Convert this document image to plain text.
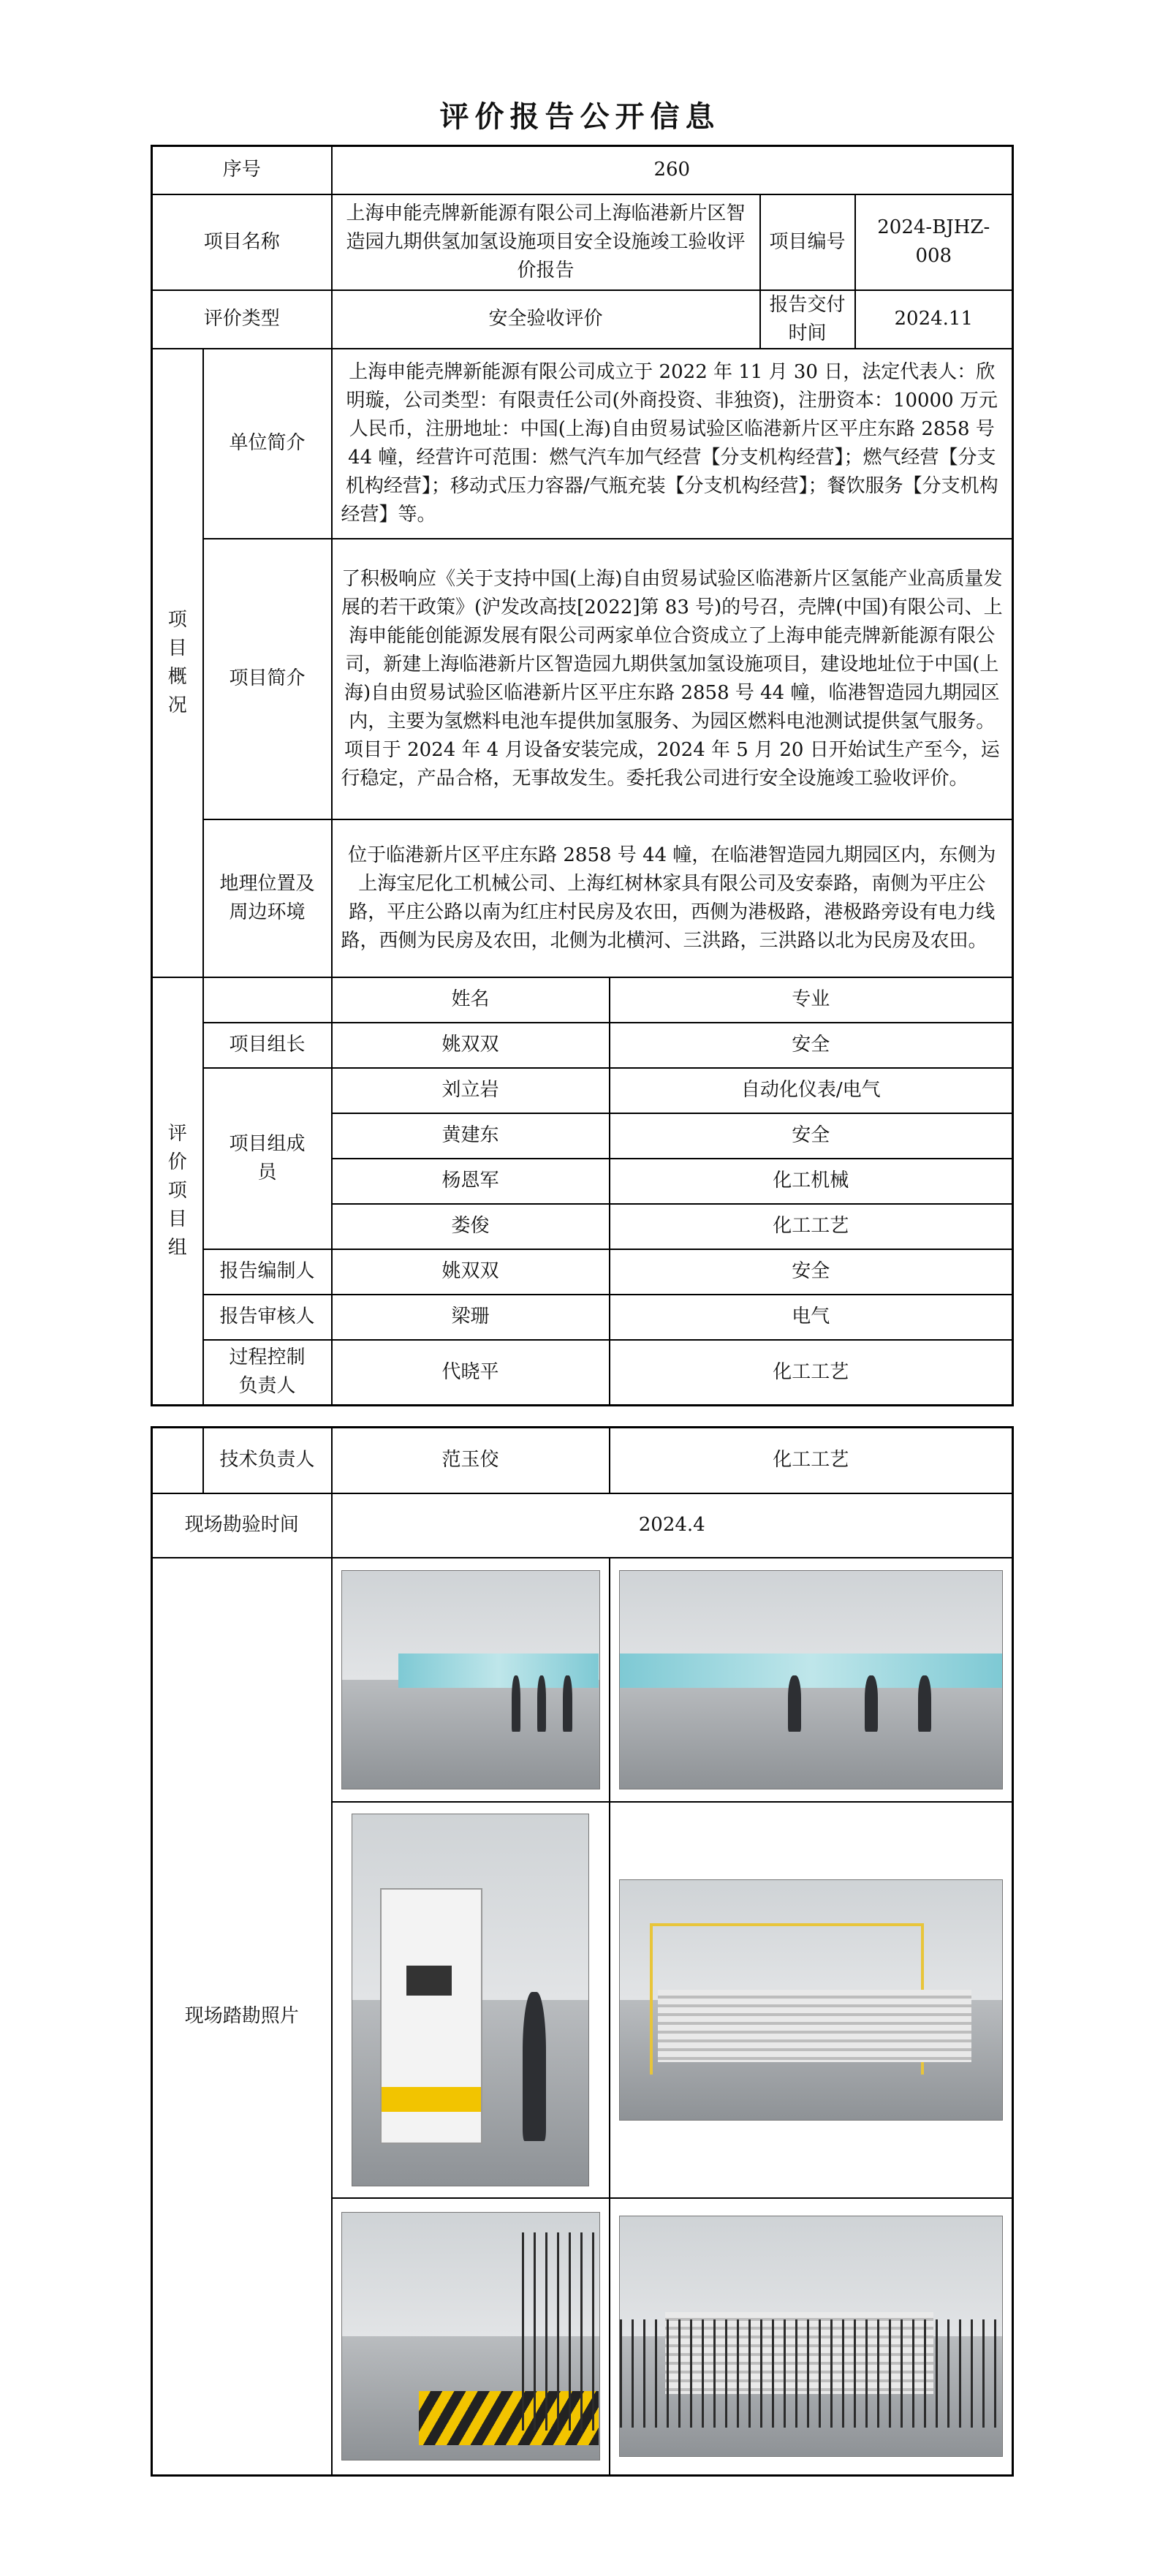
评价报告公开信息
序号		260			
项目名称		上海申能壳牌新能源有限公司上海临港新片区智造园九期供氢加氢设施项目安全设施竣工验收评价报告		项目编号	2024-BJHZ-008
评价类型		安全验收评价		报告交付时间	2024.11

项目概况	单位简介	上海申能壳牌新能源有限公司成立于 2022 年 11 月 30 日，法定代表人：欣明璇，公司类型：有限责任公司(外商投资、非独资)，注册资本：10000 万元人民币，注册地址：中国(上海)自由贸易试验区临港新片区平庄东路 2858 号 44 幢，经营许可范围：燃气汽车加气经营【分支机构经营】；燃气经营【分支机构经营】；移动式压力容器/气瓶充装【分支机构经营】；餐饮服务【分支机构经营】等。			
	项目简介	了积极响应《关于支持中国(上海)自由贸易试验区临港新片区氢能产业高质量发展的若干政策》(沪发改高技[2022]第 83 号)的号召，壳牌(中国)有限公司、上海申能能创能源发展有限公司两家单位合资成立了上海申能壳牌新能源有限公司，新建上海临港新片区智造园九期供氢加氢设施项目，建设地址位于中国(上海)自由贸易试验区临港新片区平庄东路 2858 号 44 幢，临港智造园九期园区内，主要为氢燃料电池车提供加氢服务、为园区燃料电池测试提供氢气服务。项目于 2024 年 4 月设备安装完成，2024 年 5 月 20 日开始试生产至今，运行稳定，产品合格，无事故发生。委托我公司进行安全设施竣工验收评价。			
	地理位置及周边环境	位于临港新片区平庄东路 2858 号 44 幢，在临港智造园九期园区内，东侧为上海宝尼化工机械公司、上海红树林家具有限公司及安泰路，南侧为平庄公路，平庄公路以南为红庄村民房及农田，西侧为港极路，港极路旁设有电力线路，西侧为民房及农田，北侧为北横河、三洪路，三洪路以北为民房及农田。			

评价项目组		姓名	专业		
	项目组长	姚双双	安全		
	项目组成员	刘立岩	自动化仪表/电气		
		黄建东	安全		
		杨恩军	化工机械		
		娄俊	化工工艺		
	报告编制人	姚双双	安全		
	报告审核人	梁珊	电气		
	过程控制负责人	代晓平	化工工艺		
	技术负责人	范玉佼	化工工艺
现场勘验时间		2024.4	
现场踏勘照片		
